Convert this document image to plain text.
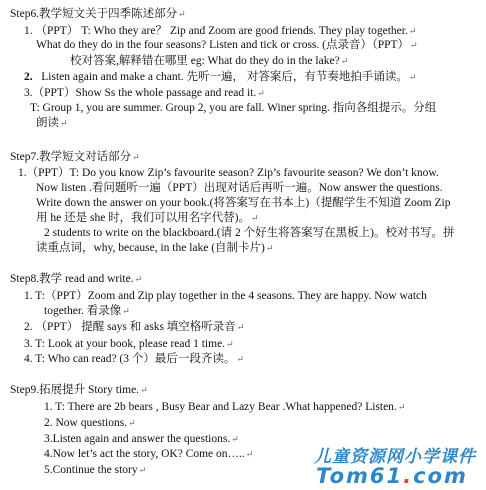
Step6.教学短文关于四季陈述部分↵
1. （PPT） T: Who they are？ Zip and Zoom are good friends. They play together.↵
What do they do in the four seasons? Listen and tick or cross. (点录音）（PPT）↵
校对答案,解释错在哪里 eg: What do they do in the lake?↵
2. Listen again and make a chant. 先听一遍， 对答案后，有节奏地拍手诵读。↵
3.（PPT）Show Ss the whole passage and read it.↵
T: Group 1, you are summer. Group 2, you are fall. Winer spring. 指向各组提示。分组
朗读↵
Step7.教学短文对话部分↵
1.（PPT）T: Do you know Zip’s favourite season? Zip’s favourite season? We don’t know.
Now listen .看问题听一遍（PPT）出现对话后再听一遍。Now answer the questions.
Write down the answer on your book.(将答案写在书本上)（提醒学生不知道 Zoom Zip
用 he 还是 she 时，我们可以用名字代替)。↵
2 students to write on the blackboard.(请 2 个好生将答案写在黑板上)。校对书写。拼
读重点词，why, because, in the lake (自制卡片)↵
Step8.教学 read and write.↵
1. T:（PPT）Zoom and Zip play together in the 4 seasons. They are happy. Now watch
together. 看录像↵
2. （PPT） 提醒 says 和 asks 填空格听录音↵
3. T: Look at your book, please read 1 time.↵
4. T: Who can read? (3 个）最后一段齐读。↵
Step9.拓展提升 Story time.↵
1. T: There are 2b bears , Busy Bear and Lazy Bear .What happened? Listen.↵
2. Now questions.↵
3.Listen again and answer the questions.↵
4.Now let’s act the story, OK? Come on…..↵
5.Continue the story↵
儿童资源网小学课件
Tom61.com
